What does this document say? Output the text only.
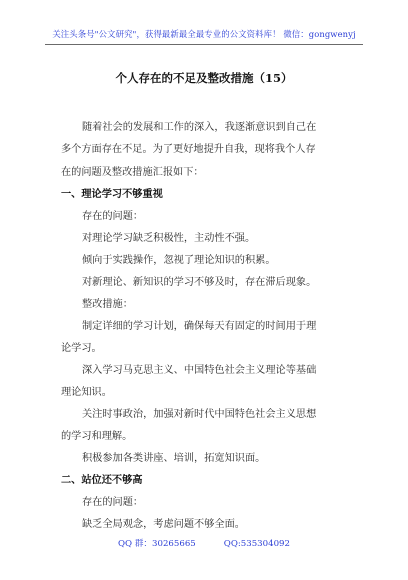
关注头条号"公文研究"，获得最新最全最专业的公文资料库！ 微信：gongwenyj
个人存在的不足及整改措施（15）
随着社会的发展和工作的深入，我逐渐意识到自己在
多个方面存在不足。为了更好地提升自我，现将我个人存
在的问题及整改措施汇报如下：
一、理论学习不够重视
存在的问题：
对理论学习缺乏积极性，主动性不强。
倾向于实践操作，忽视了理论知识的积累。
对新理论、新知识的学习不够及时，存在滞后现象。
整改措施：
制定详细的学习计划，确保每天有固定的时间用于理
论学习。
深入学习马克思主义、中国特色社会主义理论等基础
理论知识。
关注时事政治，加强对新时代中国特色社会主义思想
的学习和理解。
积极参加各类讲座、培训，拓宽知识面。
二、站位还不够高
存在的问题：
缺乏全局观念，考虑问题不够全面。
QQ 群：30265665	QQ:535304092
